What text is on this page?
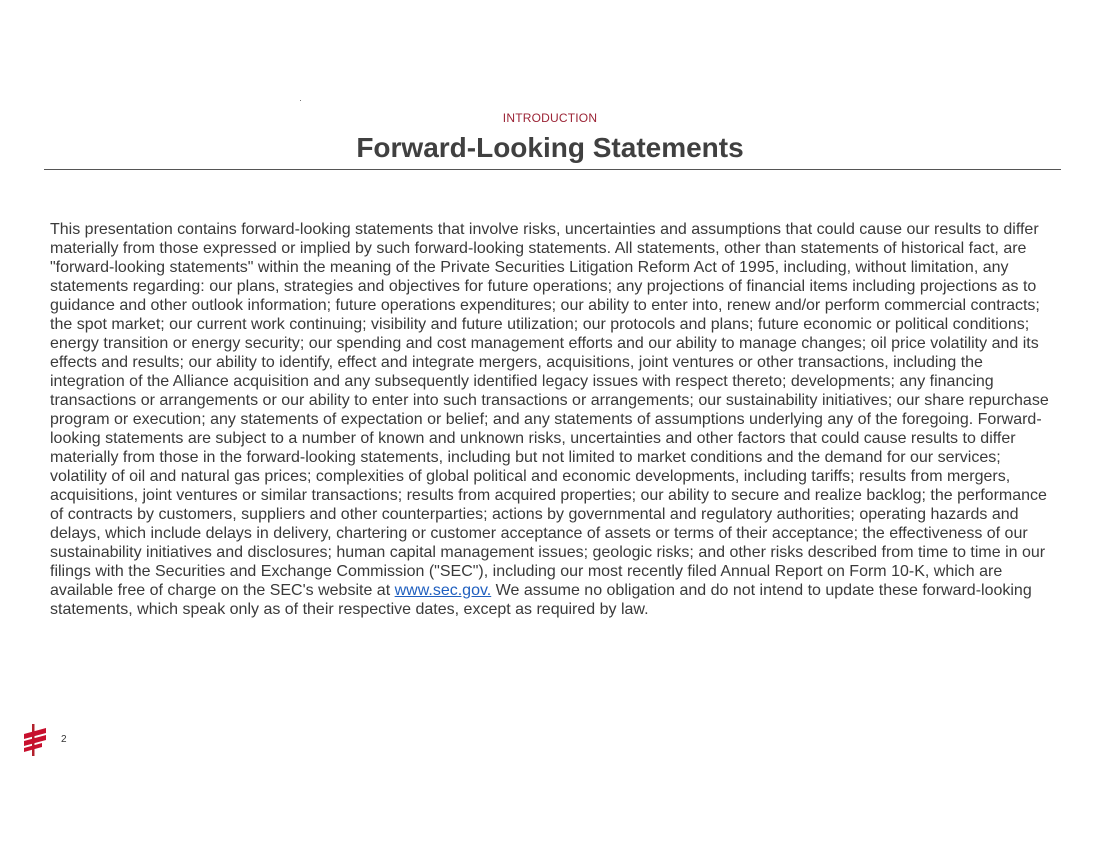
INTRODUCTION
Forward-Looking Statements

This presentation contains forward-looking statements that involve risks, uncertainties and assumptions that could cause our results to differ materially from those expressed or implied by such forward-looking statements. All statements, other than statements of historical fact, are "forward-looking statements" within the meaning of the Private Securities Litigation Reform Act of 1995, including, without limitation, any statements regarding: our plans, strategies and objectives for future operations; any projections of financial items including projections as to guidance and other outlook information; future operations expenditures; our ability to enter into, renew and/or perform commercial contracts; the spot market; our current work continuing; visibility and future utilization; our protocols and plans; future economic or political conditions; energy transition or energy security; our spending and cost management efforts and our ability to manage changes; oil price volatility and its effects and results; our ability to identify, effect and integrate mergers, acquisitions, joint ventures or other transactions, including the integration of the Alliance acquisition and any subsequently identified legacy issues with respect thereto; developments; any financing transactions or arrangements or our ability to enter into such transactions or arrangements; our sustainability initiatives; our share repurchase program or execution; any statements of expectation or belief; and any statements of assumptions underlying any of the foregoing. Forward-looking statements are subject to a number of known and unknown risks, uncertainties and other factors that could cause results to differ materially from those in the forward-looking statements, including but not limited to market conditions and the demand for our services; volatility of oil and natural gas prices; complexities of global political and economic developments, including tariffs; results from mergers, acquisitions, joint ventures or similar transactions; results from acquired properties; our ability to secure and realize backlog; the performance of contracts by customers, suppliers and other counterparties; actions by governmental and regulatory authorities; operating hazards and delays, which include delays in delivery, chartering or customer acceptance of assets or terms of their acceptance; the effectiveness of our sustainability initiatives and disclosures; human capital management issues; geologic risks; and other risks described from time to time in our filings with the Securities and Exchange Commission ("SEC"), including our most recently filed Annual Report on Form 10-K, which are available free of charge on the SEC's website at www.sec.gov. We assume no obligation and do not intend to update these forward-looking statements, which speak only as of their respective dates, except as required by law.

2
